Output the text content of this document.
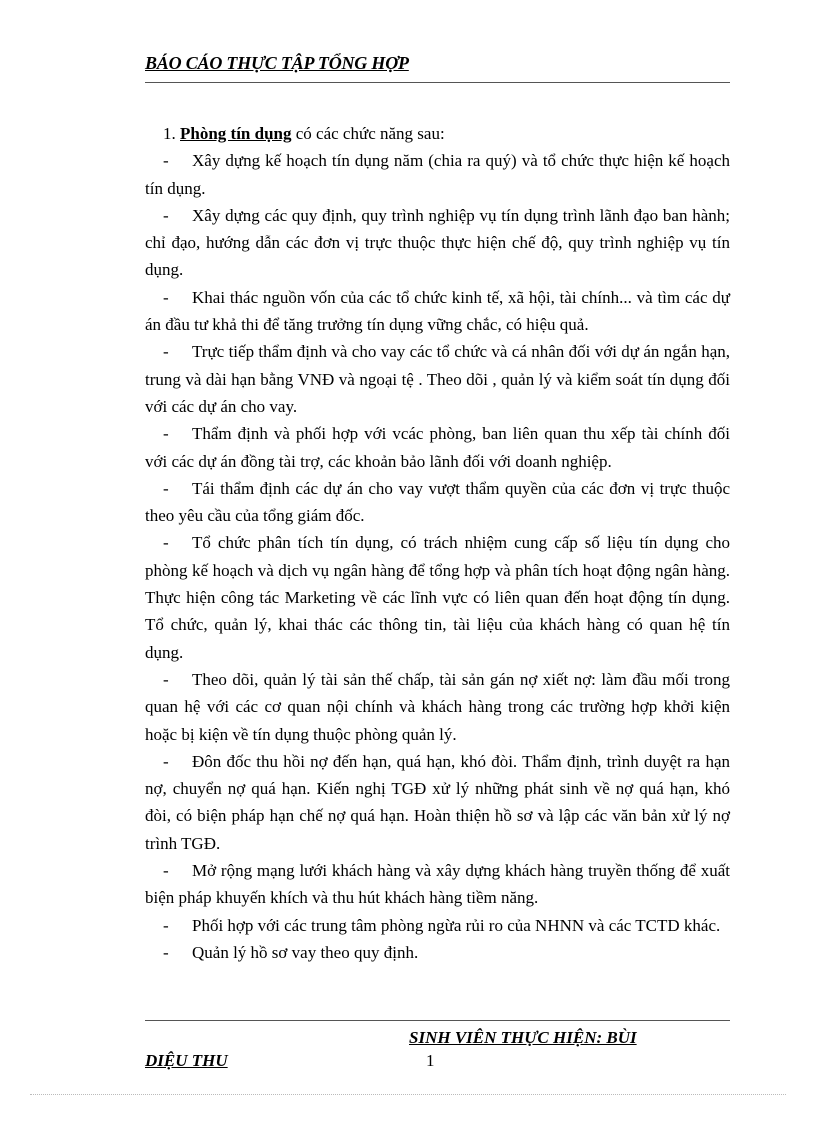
BÁO CÁO THỰC TẬP TỔNG HỢP

1. Phòng tín dụng có các chức năng sau:

- Xây dựng kế hoạch tín dụng năm (chia ra quý) và tổ chức thực hiện kế hoạch tín dụng.

- Xây dựng các quy định, quy trình nghiệp vụ tín dụng trình lãnh đạo ban hành; chỉ đạo, hướng dẫn các đơn vị trực thuộc thực hiện chế độ, quy trình nghiệp vụ tín dụng.

- Khai thác nguồn vốn của các tổ chức kinh tế, xã hội, tài chính... và tìm các dự án đầu tư khả thi để tăng trưởng tín dụng vững chắc, có hiệu quả.

- Trực tiếp thẩm định và cho vay các tổ chức và cá nhân đối với dự án ngắn hạn, trung và dài hạn bằng VNĐ và ngoại tệ . Theo dõi , quản lý và kiểm soát tín dụng đối với các dự án cho vay.

- Thẩm định và phối hợp với vcác phòng, ban liên quan thu xếp tài chính đối với các dự án đồng tài trợ, các khoản bảo lãnh đối với doanh nghiệp.

- Tái thẩm định các dự án cho vay vượt thẩm quyền của các đơn vị trực thuộc theo yêu cầu của tổng giám đốc.

- Tổ chức phân tích tín dụng, có trách nhiệm cung cấp số liệu tín dụng cho phòng kế hoạch và dịch vụ ngân hàng để tổng hợp và phân tích hoạt động ngân hàng. Thực hiện công tác Marketing về các lĩnh vực có liên quan đến hoạt động tín dụng. Tổ chức, quản lý, khai thác các thông tin, tài liệu của khách hàng có quan hệ tín dụng.

- Theo dõi, quản lý tài sản thế chấp, tài sản gán nợ xiết nợ: làm đầu mối trong quan hệ với các cơ quan nội chính và khách hàng trong các trường hợp khởi kiện hoặc bị kiện về tín dụng thuộc phòng quản lý.

- Đôn đốc thu hồi nợ đến hạn, quá hạn, khó đòi. Thẩm định, trình duyệt ra hạn nợ, chuyển nợ quá hạn. Kiến nghị TGĐ xử lý những phát sinh về nợ quá hạn, khó đòi, có biện pháp hạn chế nợ quá hạn. Hoàn thiện hồ sơ và lập các văn bản xử lý nợ trình TGĐ.

- Mở rộng mạng lưới khách hàng và xây dựng khách hàng truyền thống để xuất biện pháp khuyến khích và thu hút khách hàng tiềm năng.

- Phối hợp với các trung tâm phòng ngừa rủi ro của NHNN và các TCTD khác.

- Quản lý hồ sơ vay theo quy định.

SINH VIÊN THỰC HIỆN: BÙI
DIỆU THU	1
